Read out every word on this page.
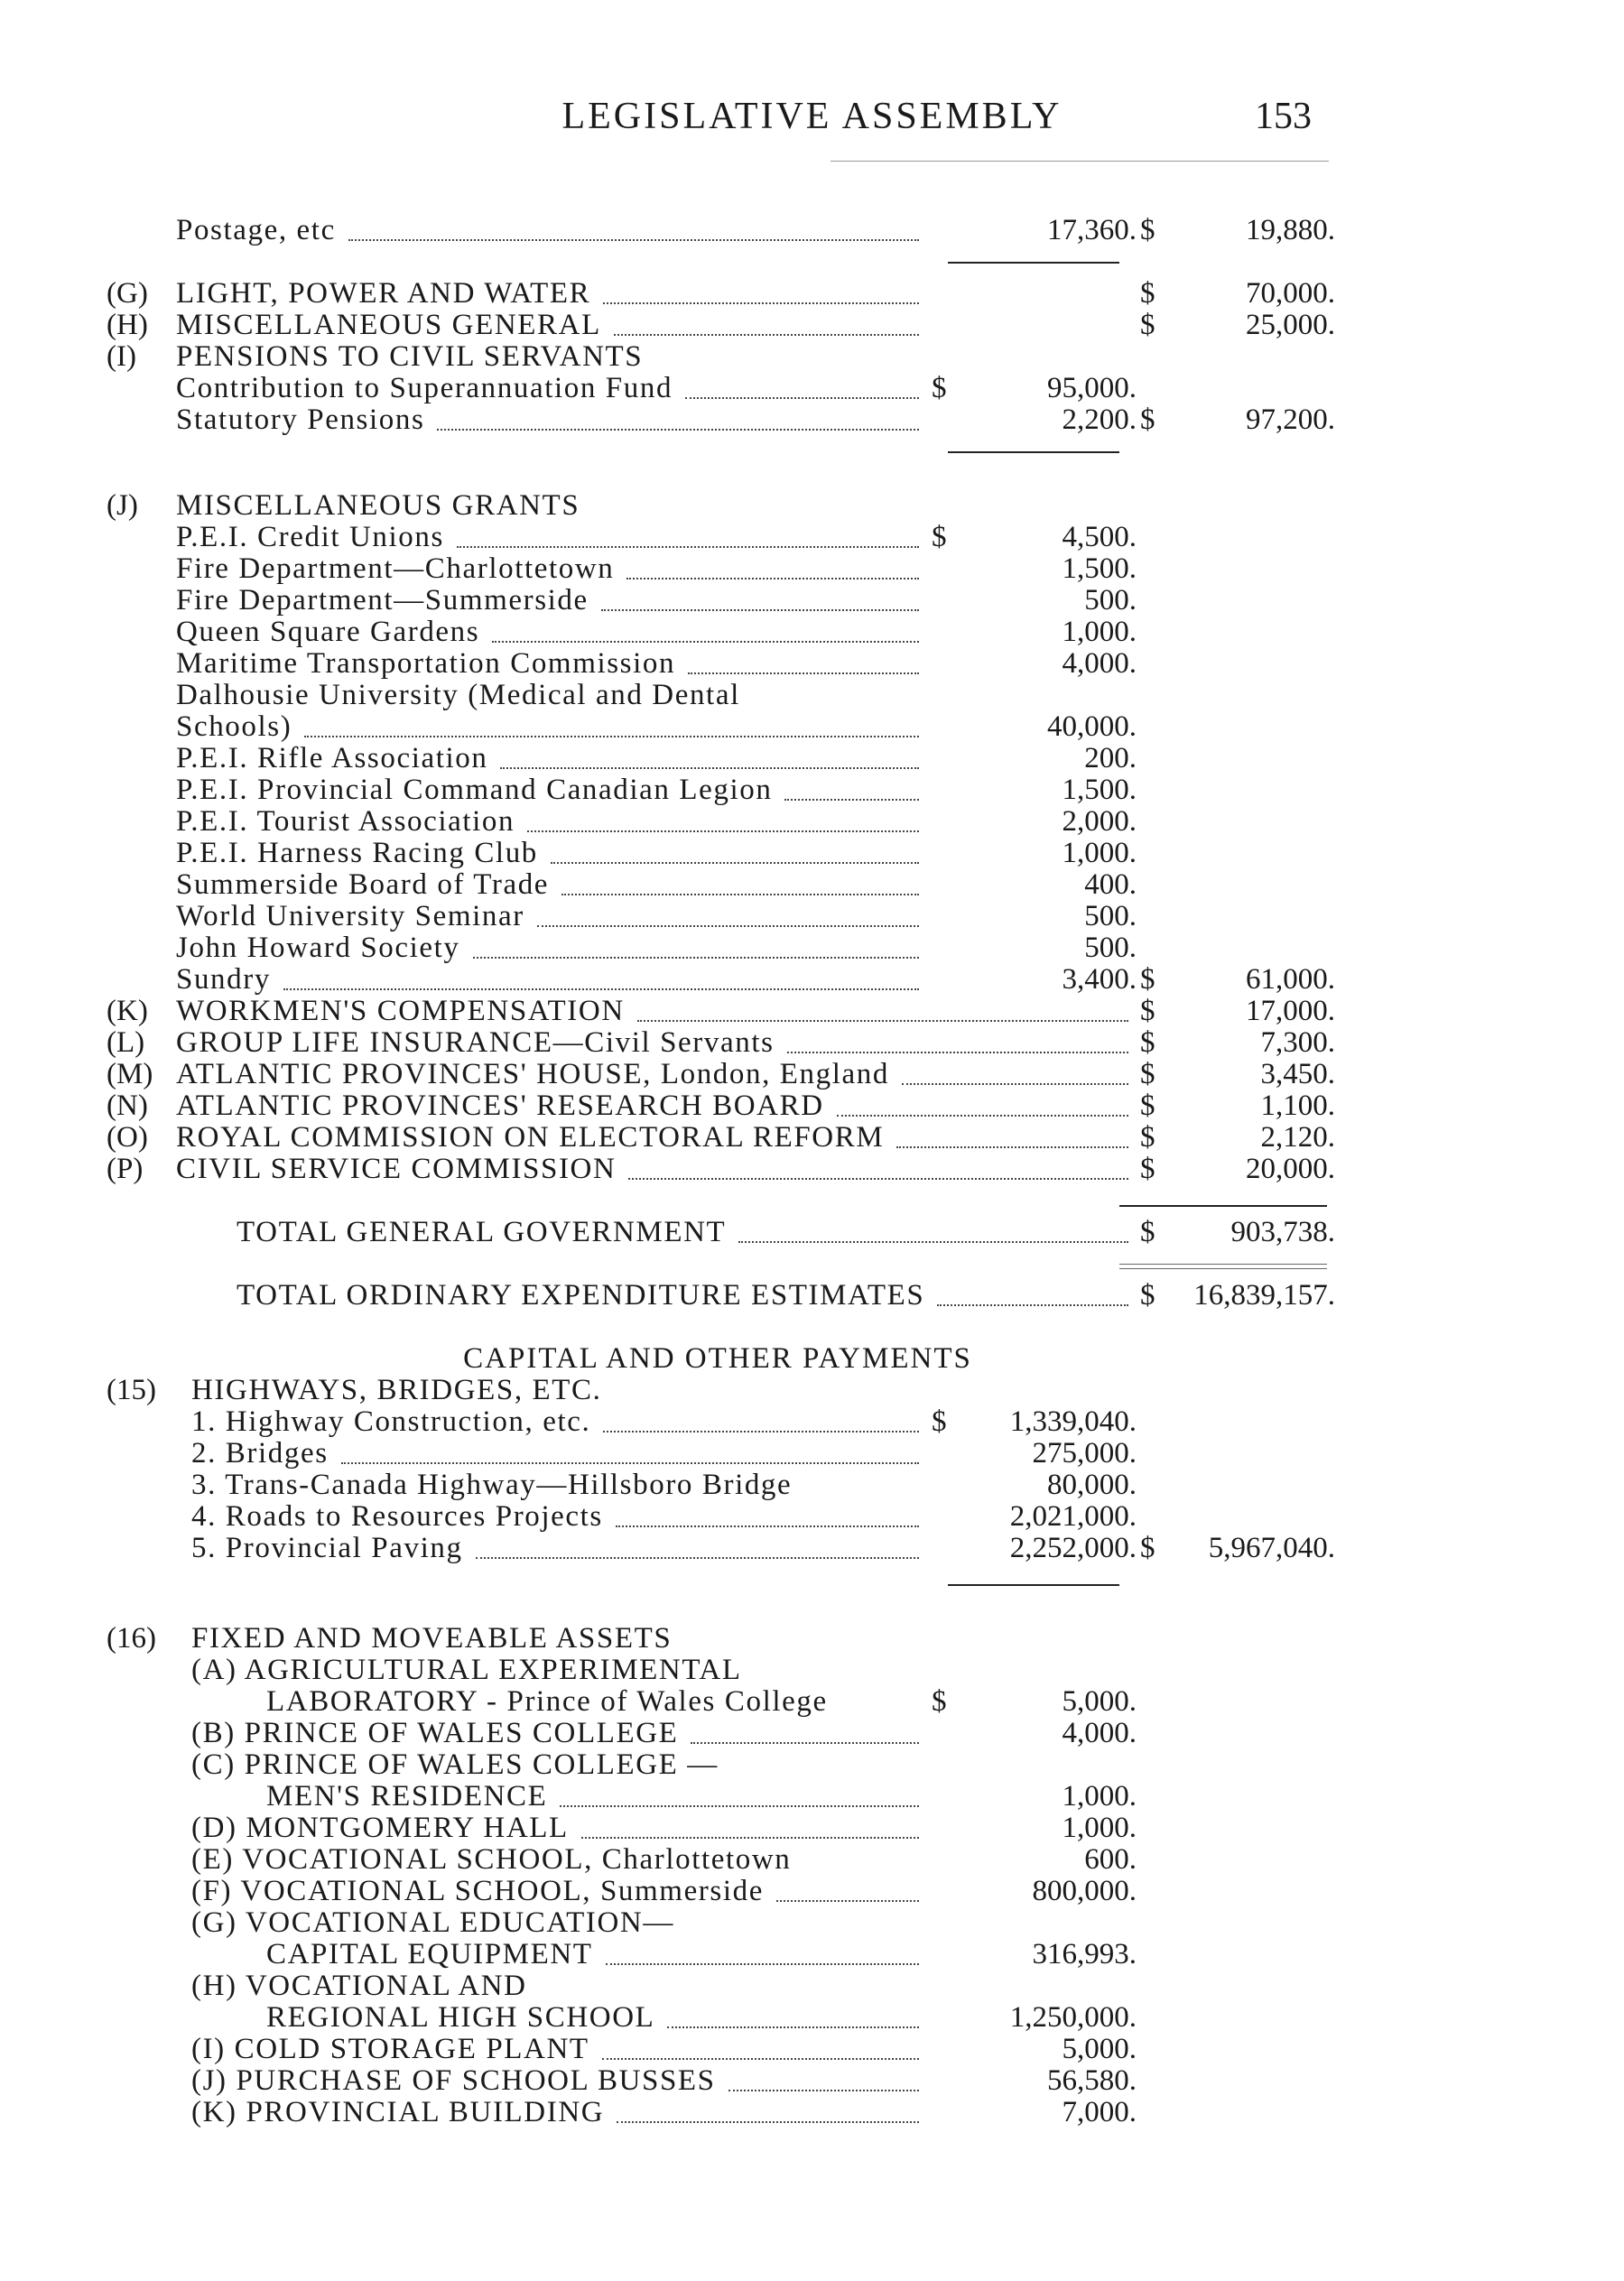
LEGISLATIVE ASSEMBLY	153
CAPITAL AND OTHER PAYMENTS
Postage, etc	17,360. $	19,880.
(G) LIGHT, POWER AND WATER	$	70,000.
(H) MISCELLANEOUS GENERAL	$	25,000.
(I) PENSIONS TO CIVIL SERVANTS
Contribution to Superannuation Fund	$	95,000.
Statutory Pensions	2,200. $	97,200.
(J) MISCELLANEOUS GRANTS
P.E.I. Credit Unions	$	4,500.
Fire Department—Charlottetown	1,500.
Fire Department—Summerside	500.
Queen Square Gardens	1,000.
Maritime Transportation Commission	4,000.
Dalhousie University (Medical and Dental
Schools)	40,000.
P.E.I. Rifle Association	200.
P.E.I. Provincial Command Canadian Legion	1,500.
P.E.I. Tourist Association	2,000.
P.E.I. Harness Racing Club	1,000.
Summerside Board of Trade	400.
World University Seminar	500.
John Howard Society	500.
Sundry	3,400. $	61,000.
(K) WORKMEN'S COMPENSATION	$	17,000.
(L) GROUP LIFE INSURANCE—Civil Servants	$	7,300.
(M) ATLANTIC PROVINCES' HOUSE, London, England	$	3,450.
(N) ATLANTIC PROVINCES' RESEARCH BOARD	$	1,100.
(O) ROYAL COMMISSION ON ELECTORAL REFORM	$	2,120.
(P) CIVIL SERVICE COMMISSION	$	20,000.
TOTAL GENERAL GOVERNMENT	$	903,738.
TOTAL ORDINARY EXPENDITURE ESTIMATES	$ 16,839,157.
(15) HIGHWAYS, BRIDGES, ETC.
1. Highway Construction, etc.	$ 1,339,040.
2. Bridges	275,000.
3. Trans-Canada Highway—Hillsboro Bridge	80,000.
4. Roads to Resources Projects	2,021,000.
5. Provincial Paving	2,252,000. $ 5,967,040.
(16) FIXED AND MOVEABLE ASSETS
(A) AGRICULTURAL EXPERIMENTAL
LABORATORY - Prince of Wales College	$	5,000.
(B) PRINCE OF WALES COLLEGE	4,000.
(C) PRINCE OF WALES COLLEGE —
MEN'S RESIDENCE	1,000.
(D) MONTGOMERY HALL	1,000.
(E) VOCATIONAL SCHOOL, Charlottetown	600.
(F) VOCATIONAL SCHOOL, Summerside	800,000.
(G) VOCATIONAL EDUCATION—
CAPITAL EQUIPMENT	316,993.
(H) VOCATIONAL AND
REGIONAL HIGH SCHOOL	1,250,000.
(I) COLD STORAGE PLANT	5,000.
(J) PURCHASE OF SCHOOL BUSSES	56,580.
(K) PROVINCIAL BUILDING	7,000.
